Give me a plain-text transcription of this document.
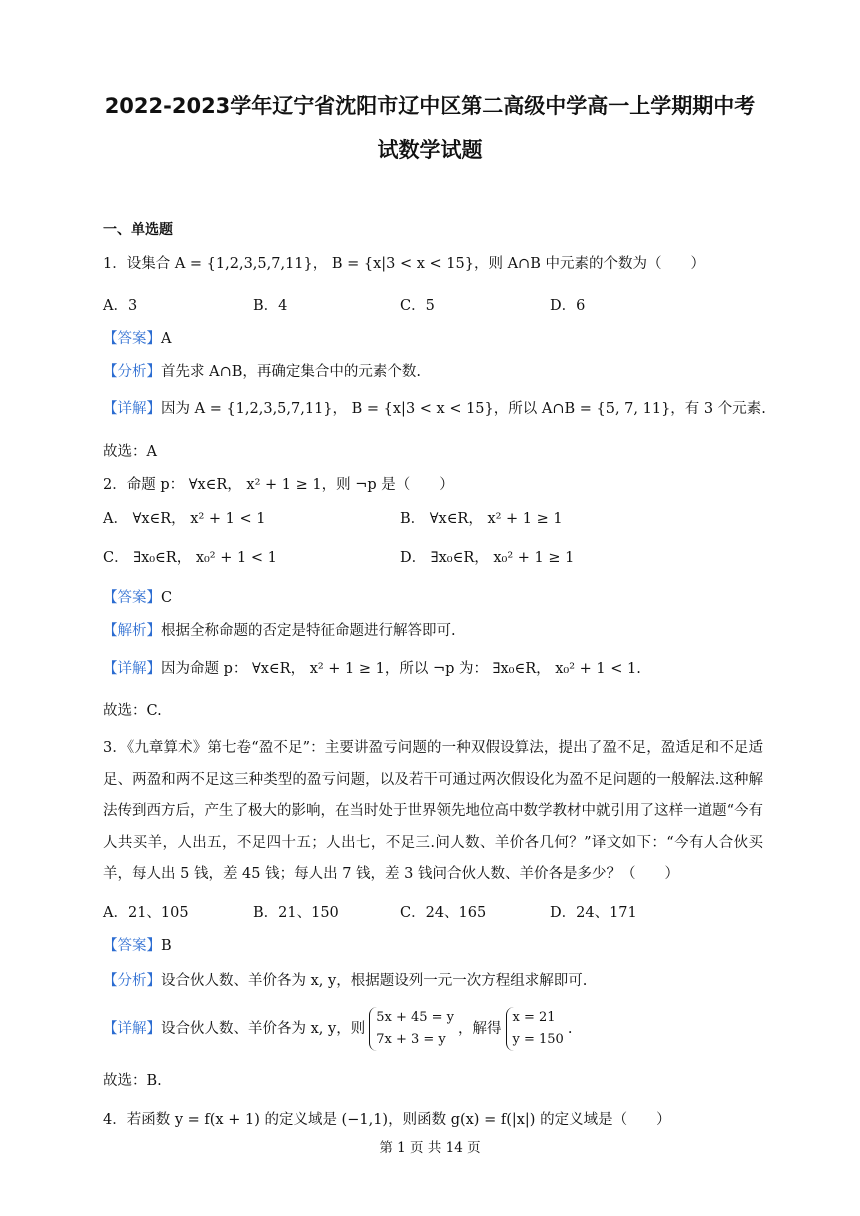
2022-2023学年辽宁省沈阳市辽中区第二高级中学高一上学期期中考
试数学试题
一、单选题
1．设集合 A = {1,2,3,5,7,11}， B = {x|3 < x < 15}，则 A∩B 中元素的个数为（　　）
A．3	B．4	C．5	D．6
【答案】A
【分析】首先求 A∩B，再确定集合中的元素个数.
【详解】因为 A = {1,2,3,5,7,11}， B = {x|3 < x < 15}，所以 A∩B = {5, 7, 11}，有 3 个元素.
故选：A
2．命题 p： ∀x∈R， x² + 1 ≥ 1，则 ¬p 是（　　）
A． ∀x∈R， x² + 1 < 1	B． ∀x∈R， x² + 1 ≥ 1
C． ∃x₀∈R， x₀² + 1 < 1	D． ∃x₀∈R， x₀² + 1 ≥ 1
【答案】C
【解析】根据全称命题的否定是特征命题进行解答即可.
【详解】因为命题 p： ∀x∈R， x² + 1 ≥ 1，所以 ¬p 为： ∃x₀∈R， x₀² + 1 < 1.
故选：C.
3．《九章算术》第七卷“盈不足”：主要讲盈亏问题的一种双假设算法，提出了盈不足，盈适足和不足适足、两盈和两不足这三种类型的盈亏问题，以及若干可通过两次假设化为盈不足问题的一般解法.这种解法传到西方后，产生了极大的影响，在当时处于世界领先地位高中数学教材中就引用了这样一道题“今有人共买羊，人出五，不足四十五；人出七，不足三.问人数、羊价各几何？”译文如下：“今有人合伙买羊，每人出 5 钱，差 45 钱；每人出 7 钱，差 3 钱问合伙人数、羊价各是多少？（　　）
A．21、105	B．21、150	C．24、165	D．24、171
【答案】B
【分析】设合伙人数、羊价各为 x, y，根据题设列一元一次方程组求解即可.
【详解】设合伙人数、羊价各为 x, y，则5x + 45 = y
7x + 3 = y，解得x = 21
y = 150.
故选：B.
4．若函数 y = f(x + 1) 的定义域是 (−1,1)，则函数 g(x) = f(|x|) 的定义域是（　　）
第 1 页 共 14 页
